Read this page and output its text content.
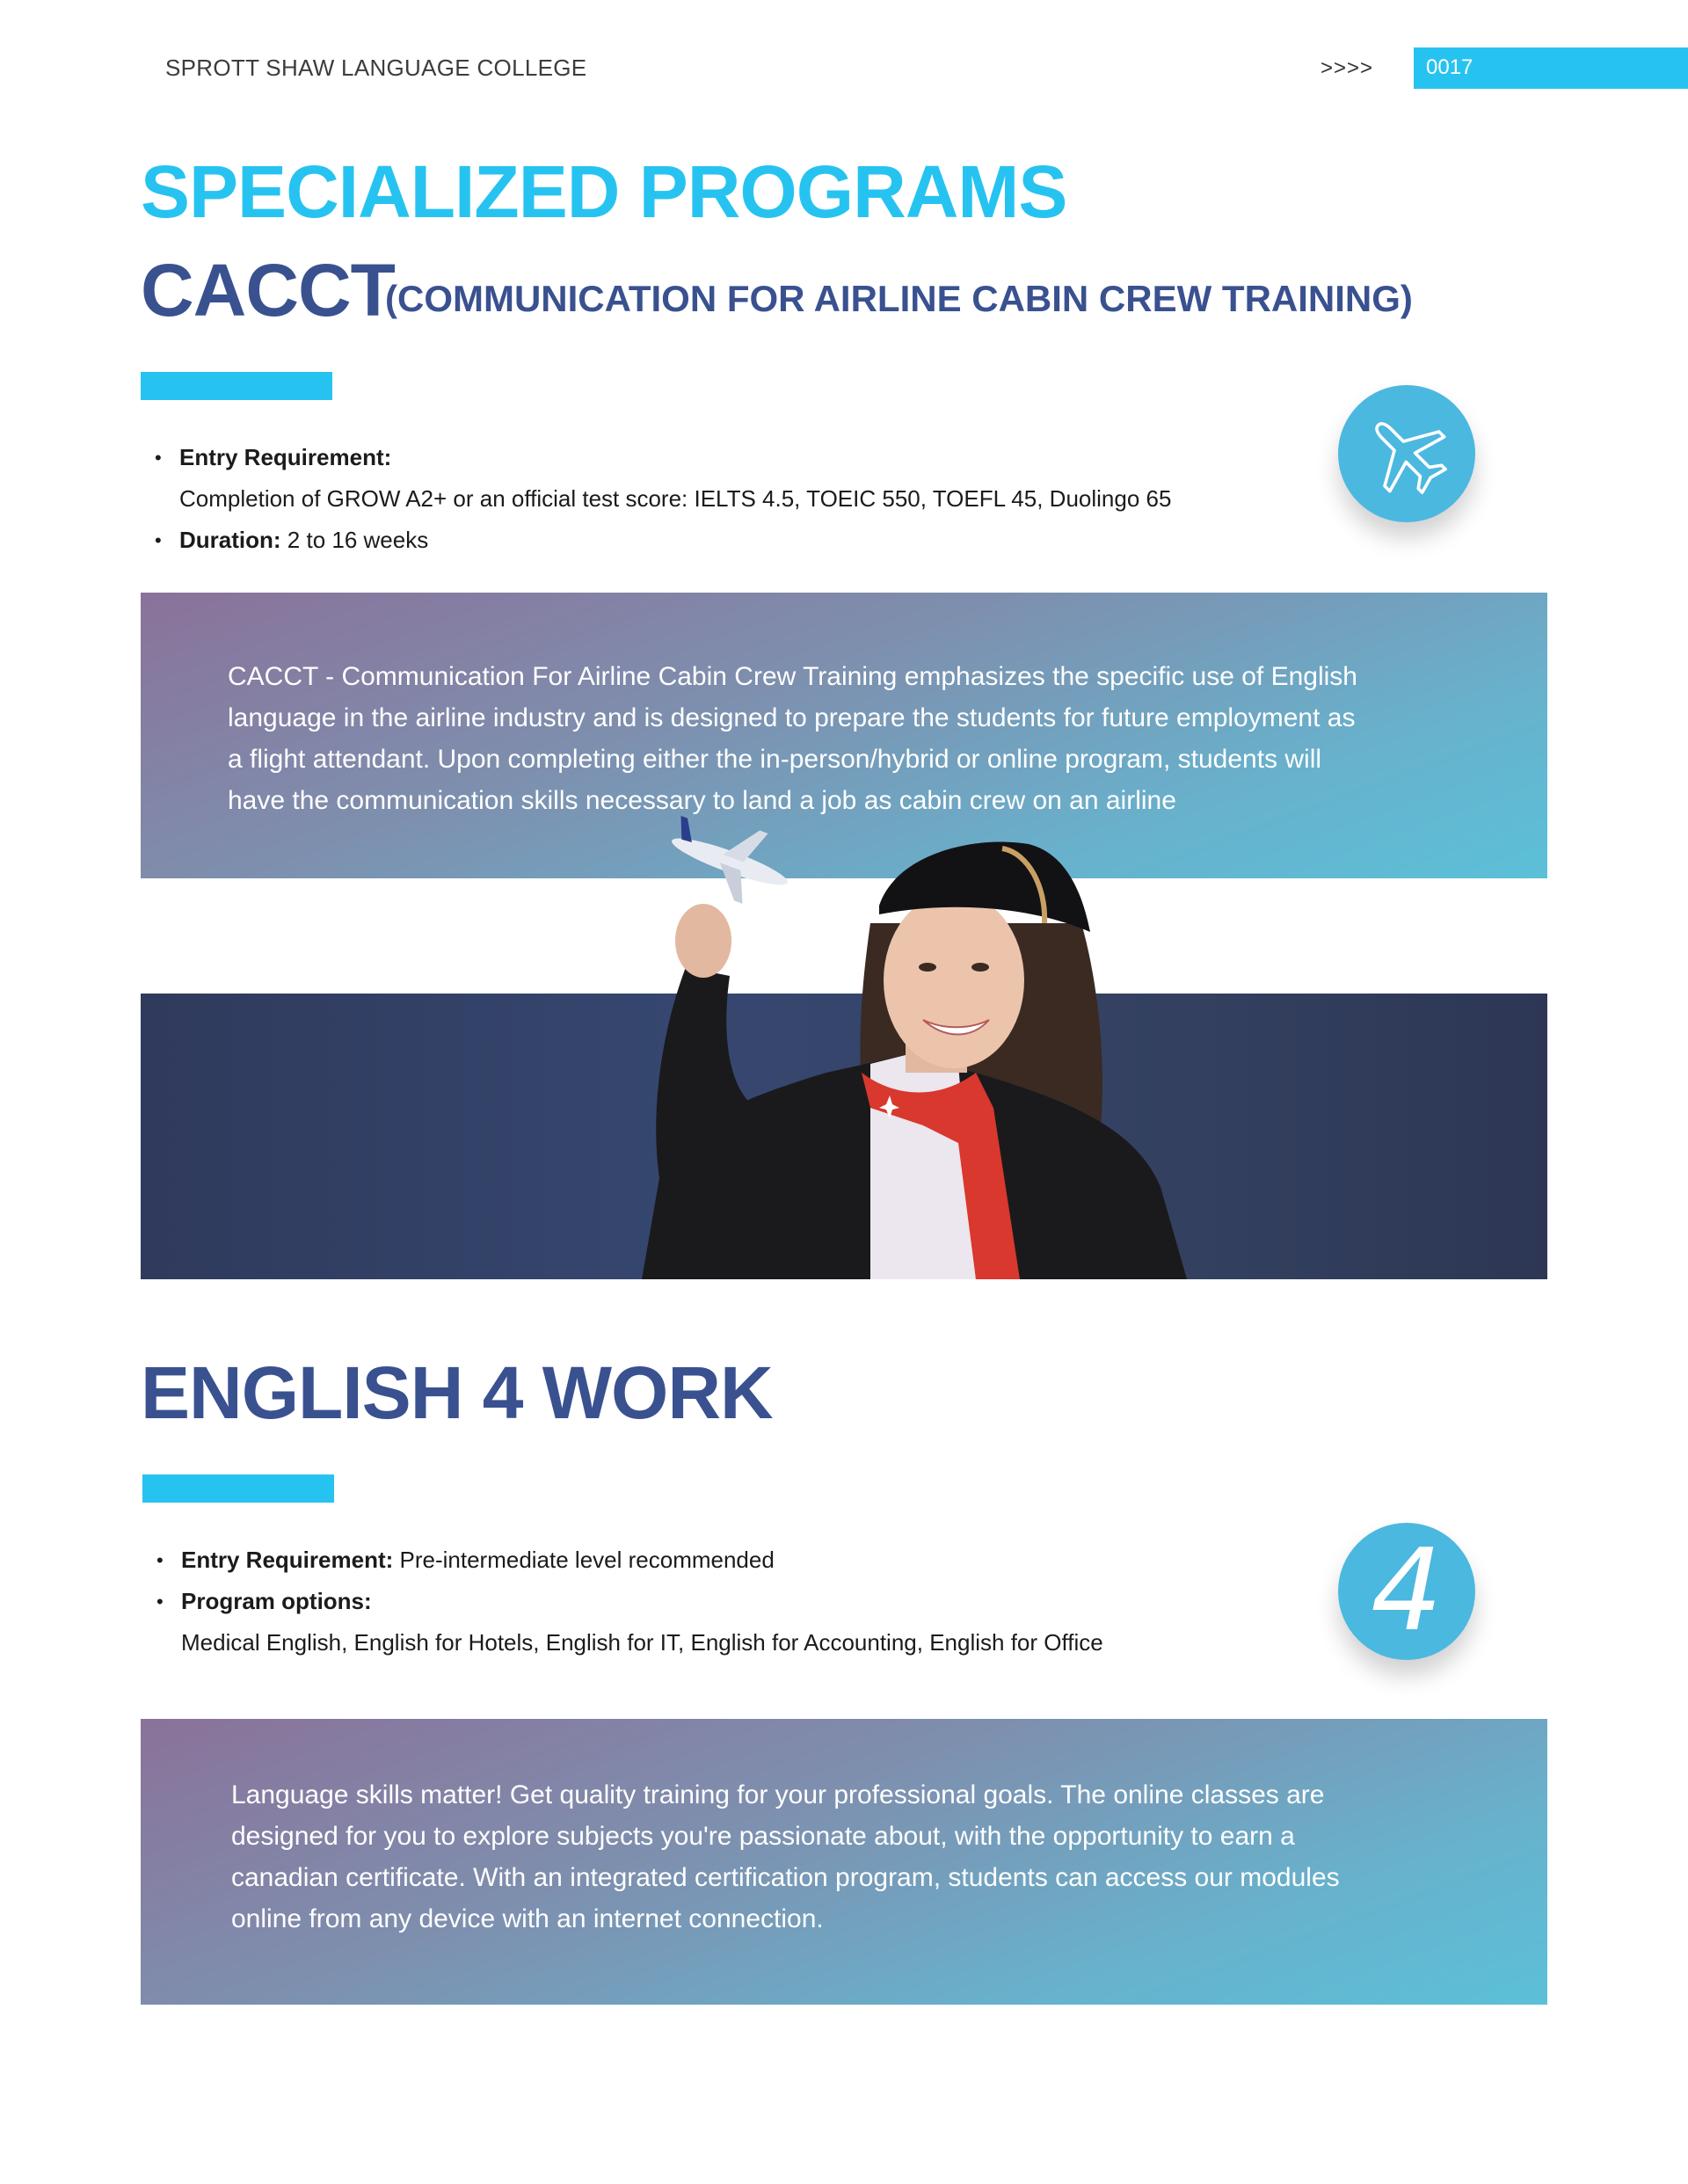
SPROTT SHAW LANGUAGE COLLEGE	>>>> 0017
SPECIALIZED PROGRAMS
CACCT
(COMMUNICATION FOR AIRLINE CABIN CREW TRAINING)
• Entry Requirement:
Completion of GROW A2+ or an official test score: IELTS 4.5, TOEIC 550, TOEFL 45, Duolingo 65
• Duration: 2 to 16 weeks
CACCT - Communication For Airline Cabin Crew Training emphasizes the specific use of English
language in the airline industry and is designed to prepare the students for future employment as
a flight attendant. Upon completing either the in-person/hybrid or online program, students will
have the communication skills necessary to land a job as cabin crew on an airline
ENGLISH 4 WORK
• Entry Requirement: Pre-intermediate level recommended
• Program options:
Medical English, English for Hotels, English for IT, English for Accounting, English for Office 4
Language skills matter! Get quality training for your professional goals. The online classes are
designed for you to explore subjects you're passionate about, with the opportunity to earn a
canadian certificate. With an integrated certification program, students can access our modules
online from any device with an internet connection.
